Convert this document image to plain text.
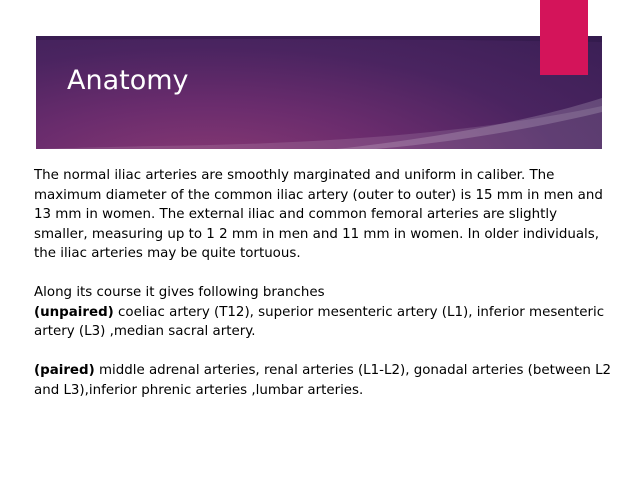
Anatomy

The normal iliac arteries are smoothly marginated and uniform in caliber. The maximum diameter of the common iliac artery (outer to outer) is 15 mm in men and 13 mm in women. The external iliac and common femoral arteries are slightly smaller, measuring up to 1 2 mm in men and 11 mm in women. In older individuals, the iliac arteries may be quite tortuous.

Along its course it gives following branches

(unpaired) coeliac artery (T12), superior mesenteric artery (L1), inferior mesenteric artery (L3) ,median sacral artery.

(paired) middle adrenal arteries, renal arteries (L1-L2), gonadal arteries (between L2 and L3),inferior phrenic arteries ,lumbar arteries.
